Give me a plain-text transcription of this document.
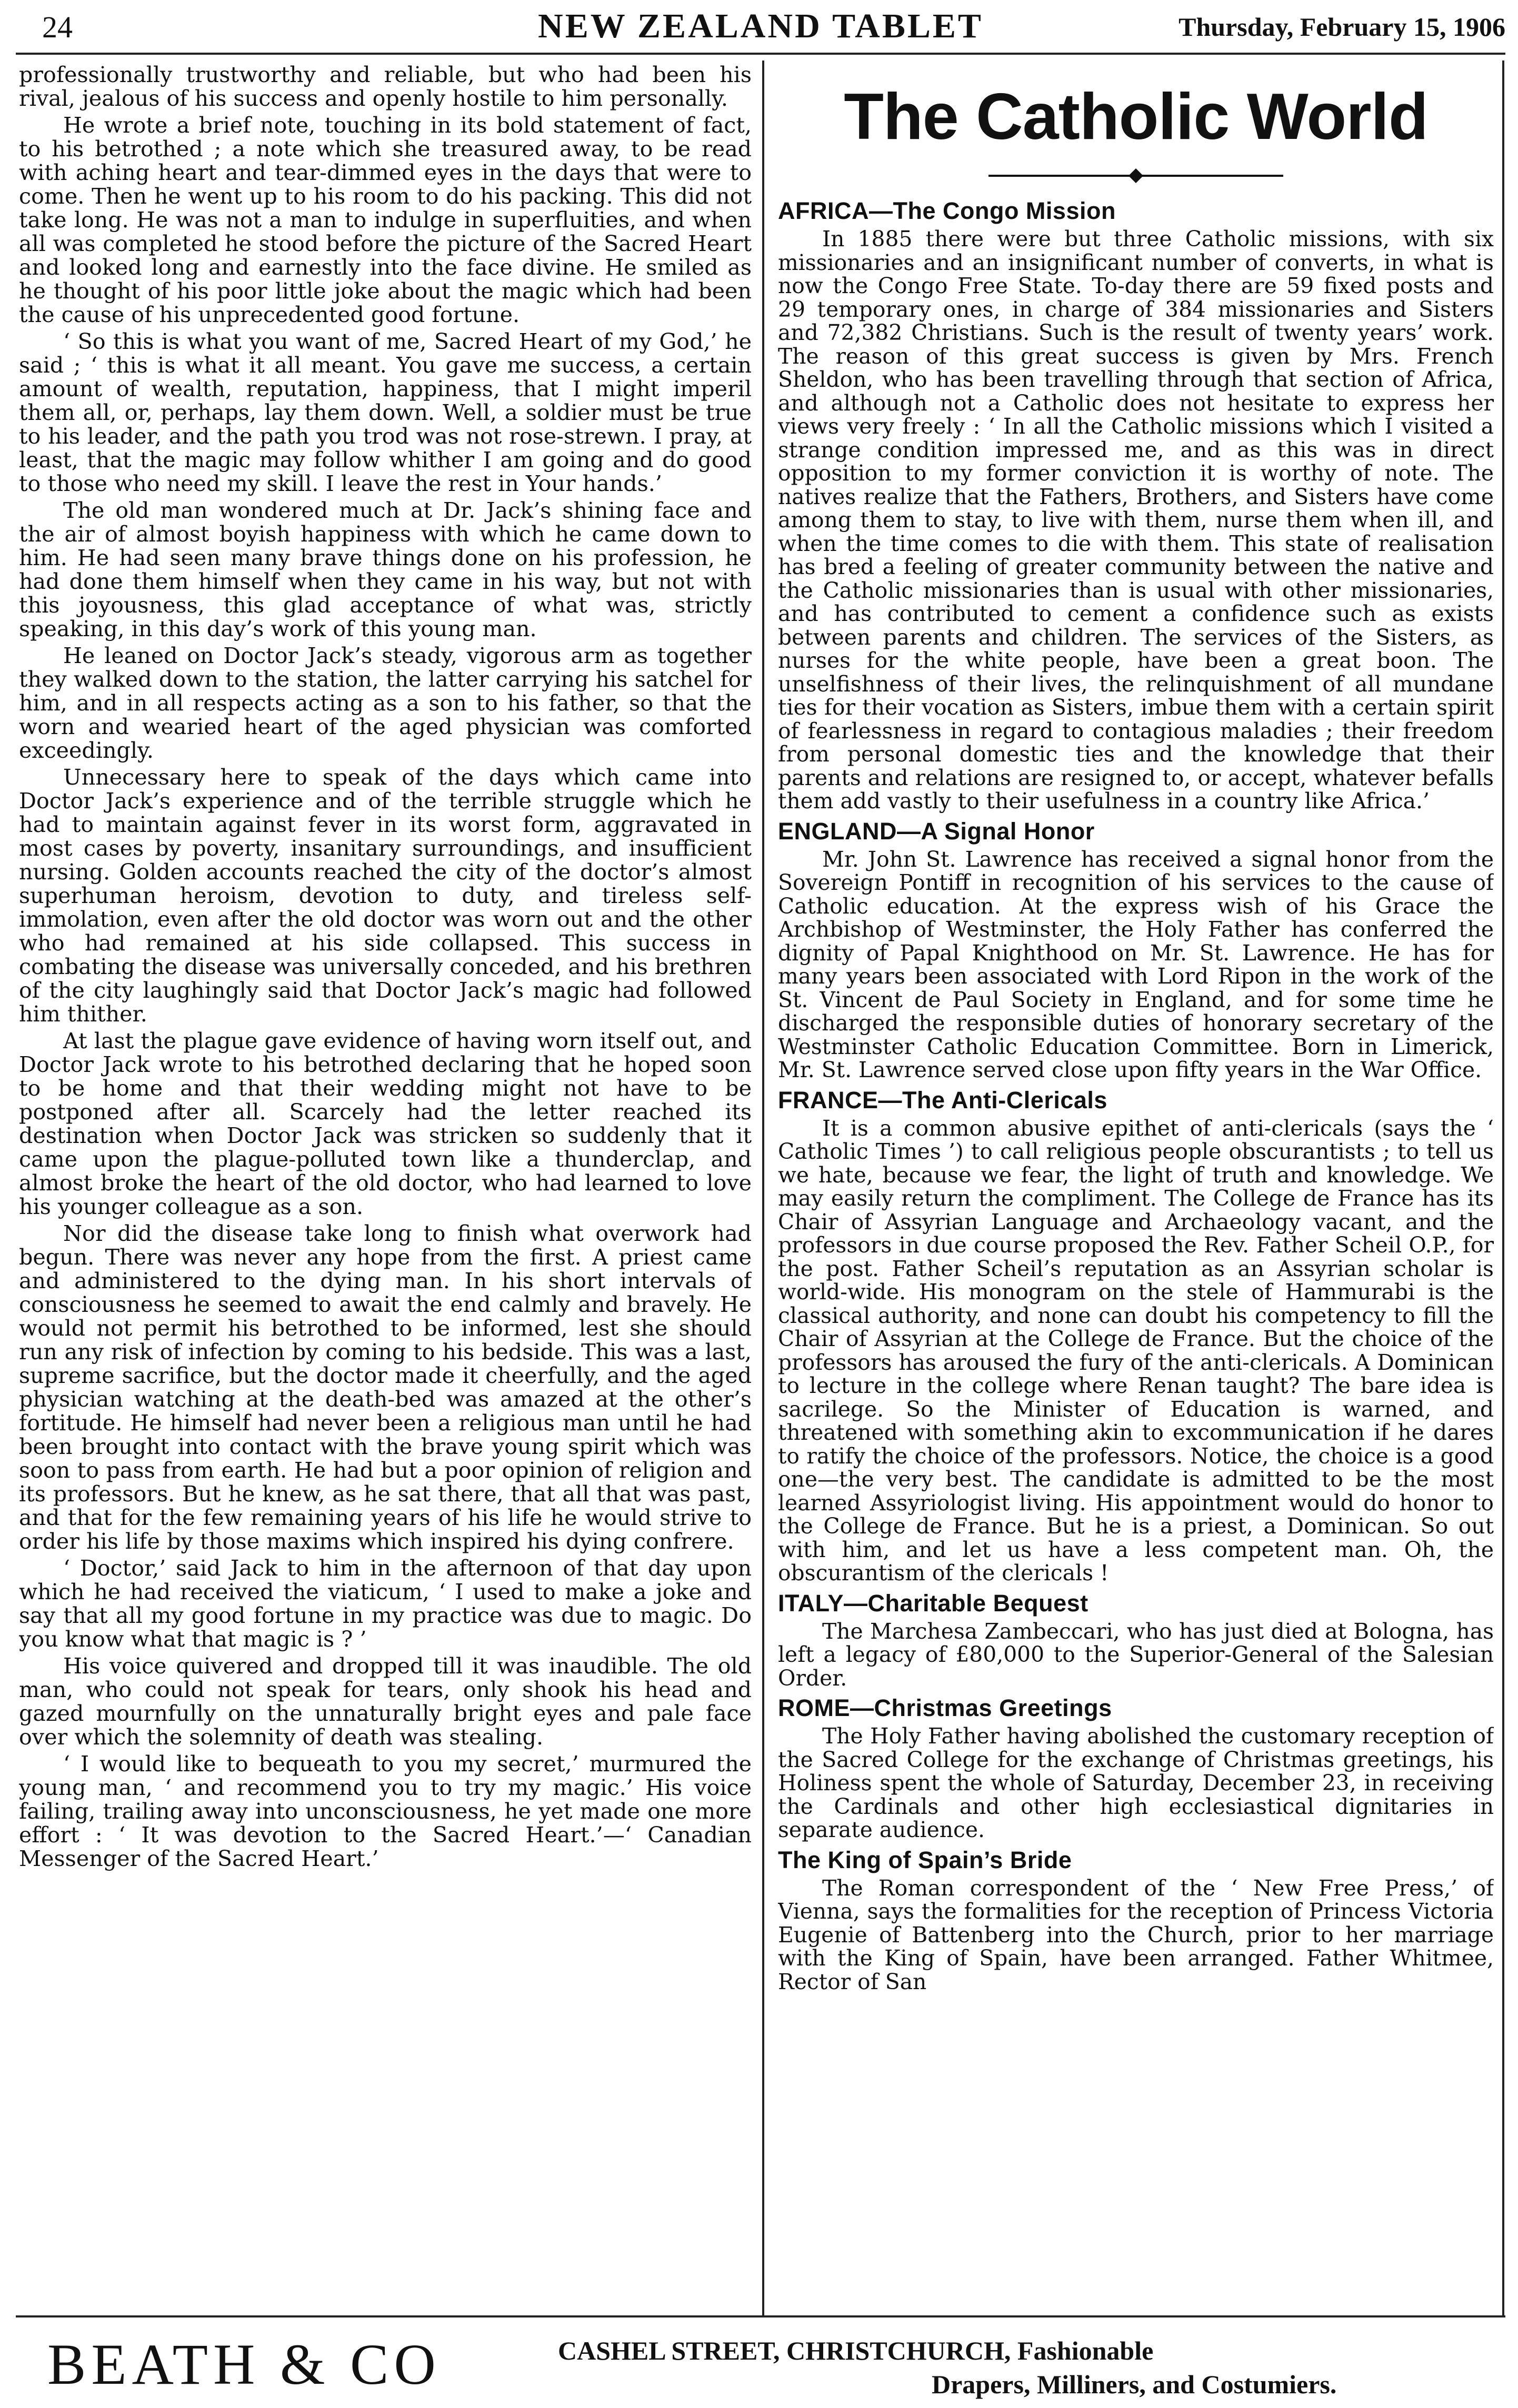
24	NEW ZEALAND TABLET	Thursday, February 15, 1906

professionally trustworthy and reliable, but who had been his rival, jealous of his success and openly hostile to him personally.

He wrote a brief note, touching in its bold statement of fact, to his betrothed ; a note which she treasured away, to be read with aching heart and tear-dimmed eyes in the days that were to come. Then he went up to his room to do his packing. This did not take long. He was not a man to indulge in superfluities, and when all was completed he stood before the picture of the Sacred Heart and looked long and earnestly into the face divine. He smiled as he thought of his poor little joke about the magic which had been the cause of his unprecedented good fortune.

‘ So this is what you want of me, Sacred Heart of my God,’ he said ; ‘ this is what it all meant. You gave me success, a certain amount of wealth, reputation, happiness, that I might imperil them all, or, perhaps, lay them down. Well, a soldier must be true to his leader, and the path you trod was not rose-strewn. I pray, at least, that the magic may follow whither I am going and do good to those who need my skill. I leave the rest in Your hands.’

The old man wondered much at Dr. Jack’s shining face and the air of almost boyish happiness with which he came down to him. He had seen many brave things done on his profession, he had done them himself when they came in his way, but not with this joyousness, this glad acceptance of what was, strictly speaking, in this day’s work of this young man.

He leaned on Doctor Jack’s steady, vigorous arm as together they walked down to the station, the latter carrying his satchel for him, and in all respects acting as a son to his father, so that the worn and wearied heart of the aged physician was comforted exceedingly.

Unnecessary here to speak of the days which came into Doctor Jack’s experience and of the terrible struggle which he had to maintain against fever in its worst form, aggravated in most cases by poverty, insanitary surroundings, and insufficient nursing. Golden accounts reached the city of the doctor’s almost superhuman heroism, devotion to duty, and tireless self-immolation, even after the old doctor was worn out and the other who had remained at his side collapsed. This success in combating the disease was universally conceded, and his brethren of the city laughingly said that Doctor Jack’s magic had followed him thither.

At last the plague gave evidence of having worn itself out, and Doctor Jack wrote to his betrothed declaring that he hoped soon to be home and that their wedding might not have to be postponed after all. Scarcely had the letter reached its destination when Doctor Jack was stricken so suddenly that it came upon the plague-polluted town like a thunderclap, and almost broke the heart of the old doctor, who had learned to love his younger colleague as a son.

Nor did the disease take long to finish what overwork had begun. There was never any hope from the first. A priest came and administered to the dying man. In his short intervals of consciousness he seemed to await the end calmly and bravely. He would not permit his betrothed to be informed, lest she should run any risk of infection by coming to his bedside. This was a last, supreme sacrifice, but the doctor made it cheerfully, and the aged physician watching at the death-bed was amazed at the other’s fortitude. He himself had never been a religious man until he had been brought into contact with the brave young spirit which was soon to pass from earth. He had but a poor opinion of religion and its professors. But he knew, as he sat there, that all that was past, and that for the few remaining years of his life he would strive to order his life by those maxims which inspired his dying confrere.

‘ Doctor,’ said Jack to him in the afternoon of that day upon which he had received the viaticum, ‘ I used to make a joke and say that all my good fortune in my practice was due to magic. Do you know what that magic is ? ’

His voice quivered and dropped till it was inaudible. The old man, who could not speak for tears, only shook his head and gazed mournfully on the unnaturally bright eyes and pale face over which the solemnity of death was stealing.

‘ I would like to bequeath to you my secret,’ murmured the young man, ‘ and recommend you to try my magic.’ His voice failing, trailing away into unconsciousness, he yet made one more effort : ‘ It was devotion to the Sacred Heart.’—‘ Canadian Messenger of the Sacred Heart.’

The Catholic World
AFRICA—The Congo Mission

In 1885 there were but three Catholic missions, with six missionaries and an insignificant number of converts, in what is now the Congo Free State. To-day there are 59 fixed posts and 29 temporary ones, in charge of 384 missionaries and Sisters and 72,382 Christians. Such is the result of twenty years’ work. The reason of this great success is given by Mrs. French Sheldon, who has been travelling through that section of Africa, and although not a Catholic does not hesitate to express her views very freely : ‘ In all the Catholic missions which I visited a strange condition impressed me, and as this was in direct opposition to my former conviction it is worthy of note. The natives realize that the Fathers, Brothers, and Sisters have come among them to stay, to live with them, nurse them when ill, and when the time comes to die with them. This state of realisation has bred a feeling of greater community between the native and the Catholic missionaries than is usual with other missionaries, and has contributed to cement a confidence such as exists between parents and children. The services of the Sisters, as nurses for the white people, have been a great boon. The unselfishness of their lives, the relinquishment of all mundane ties for their vocation as Sisters, imbue them with a certain spirit of fearlessness in regard to contagious maladies ; their freedom from personal domestic ties and the knowledge that their parents and relations are resigned to, or accept, whatever befalls them add vastly to their usefulness in a country like Africa.’

ENGLAND—A Signal Honor

Mr. John St. Lawrence has received a signal honor from the Sovereign Pontiff in recognition of his services to the cause of Catholic education. At the express wish of his Grace the Archbishop of Westminster, the Holy Father has conferred the dignity of Papal Knighthood on Mr. St. Lawrence. He has for many years been associated with Lord Ripon in the work of the St. Vincent de Paul Society in England, and for some time he discharged the responsible duties of honorary secretary of the Westminster Catholic Education Committee. Born in Limerick, Mr. St. Lawrence served close upon fifty years in the War Office.

FRANCE—The Anti-Clericals

It is a common abusive epithet of anti-clericals (says the ‘ Catholic Times ’) to call religious people obscurantists ; to tell us we hate, because we fear, the light of truth and knowledge. We may easily return the compliment. The College de France has its Chair of Assyrian Language and Archaeology vacant, and the professors in due course proposed the Rev. Father Scheil O.P., for the post. Father Scheil’s reputation as an Assyrian scholar is world-wide. His monogram on the stele of Hammurabi is the classical authority, and none can doubt his competency to fill the Chair of Assyrian at the College de France. But the choice of the professors has aroused the fury of the anti-clericals. A Dominican to lecture in the college where Renan taught? The bare idea is sacrilege. So the Minister of Education is warned, and threatened with something akin to excommunication if he dares to ratify the choice of the professors. Notice, the choice is a good one—the very best. The candidate is admitted to be the most learned Assyriologist living. His appointment would do honor to the College de France. But he is a priest, a Dominican. So out with him, and let us have a less competent man. Oh, the obscurantism of the clericals !

ITALY—Charitable Bequest

The Marchesa Zambeccari, who has just died at Bologna, has left a legacy of £80,000 to the Superior-General of the Salesian Order.

ROME—Christmas Greetings

The Holy Father having abolished the customary reception of the Sacred College for the exchange of Christmas greetings, his Holiness spent the whole of Saturday, December 23, in receiving the Cardinals and other high ecclesiastical dignitaries in separate audience.

The King of Spain’s Bride

The Roman correspondent of the ‘ New Free Press,’ of Vienna, says the formalities for the reception of Princess Victoria Eugenie of Battenberg into the Church, prior to her marriage with the King of Spain, have been arranged. Father Whitmee, Rector of San

BEATH & CO	CASHEL STREET, CHRISTCHURCH, Fashionable
Drapers, Milliners, and Costumiers.
